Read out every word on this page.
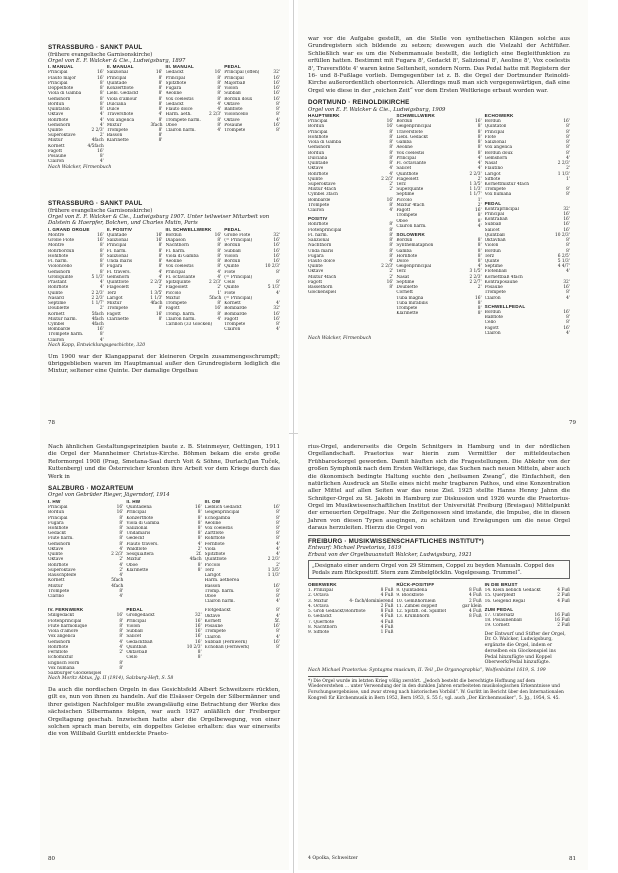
STRASSBURG · SANKT PAUL

(frühere evangelische Garnisonskirche)

Orgel von E. F. Walcker & Cie., Ludwigsburg, 1897

I. MANUAL

Principal	16'
Flauto major	16'
Principal	8'
Doppelflöte	8'
Viola di Gamba	8'
Gemshorn	8'
Bordun	8'
Quintatön	8'
Oktave	4'
Rohrflöte	4'
Gemshorn	4'
Quinte	2 2/3'
Superoktave	2'
Mixtur	4fach
Kornett	4/5fach
Fagott	16'
Posaune	8'
Clairon	4'

II. MANUAL

Salizional	16'
Principal	8'
Quintade	8'
Konzertflöte	8'
Liebl. Gedackt	8'
Viola d'amour	8'
Dulciana	8'
Dulce	8'
Traversflöte	4'
Vox angelica	8'
Mixtur	3fach
Trompete	8'
Basson	8'
Klarinette	8'

III. MANUAL

Gedackt	16'
Principal	8'
Spitzflöte	8'
Fugara	8'
Aeoline	8'
Vox coelestis	8'
Gedackt	4'
Flauto dolce	4'
Harm. aeth.	2 2/3'
Trompete harm.	8'
Oboe	8'
Clairon harm.	4'

PEDAL

Principal (offen)	32'
Principal	16'
Majorbaß	16'
Violon	16'
Subbaß	16'
Bordun doux	16'
Oktave	8'
Baßflöte	8'
Violoncello	8'
Oktave	4'
Posaune	16'
Trompete	8'

Nach Walcker, Firmenbuch

STRASSBURG · SANKT PAUL

(frühere evangelische Garnisonskirche)

Orgel von E. F. Walcker & Cie., Ludwigsburg 1907. Unter teilweiser Mitarbeit von Dalstein & Haerpfer, Bolchen, und Charles Mutin, Paris

I. GRAND ORGUE

Montre	16'
Große Flöte	16'
Montre	8'
Rohrbordun	8'
Hohlflöte	8'
Fl. harm.	8'
Violoncello	8'
Gemshorn	8'
Großquinte	5 1/3'
Prästant	4'
Rohrflöte	4'
Quinte	2 2/3'
Nasard	2 2/3'
Septime	1 1/7'
Doublette	2'
Kornett	5fach
Mixtur harm.	4fach
Cymbel	4fach
Bombarde	16'
Trompete harm.	8'
Clairon	4'

II. POSITIV

Quintade	16'
Salizional	16'
Principal	8'
Fl. harm.	8'
Salizional	8'
Unda maris	8'
Fugara	8'
Fl. travers.	4'
Gemshorn	4'
Quintflöte	2 2/3'
Flageolett	2'
Terz	1 3/5'
Larigot	1 1/3'
Mixtur	4fach
Trompete	8'
Fagott	16'
Clarinette	8'

III. SCHWELLWERK

Bordun	16'
Diapason	8'
Nachthorn	8'
Fl. harm.	8'
Viola di Gamba	8'
Aeoline	8'
Vox coelestis	8'
Principal	4'
Fl. octaviante	4'
Spitzquinte	2 2/3'
Flageolett	2'
Piccolo	1'
Mixtur	5fach
Trompete	8'
Fagott	16'
Tromp. harm.	8'
Clairon harm.	4'
Carillon (33 Glocken)

PEDAL

Große Flöte	32'
(= Principal)	16'
Bordun	16'
Subbaß	16'
Violon	16'
Bordun	16'
Quinte	10 2/3'
Flöte	8'
(= Principal)
Cello	8'
Quinte	5 1/3'
Flöte	4'
(= Principal)
Kornett	4'
Bombarde	32'
Bombarde	16'
Fagott	16'
Trompete	8'
Clairon	4'

Nach Kapp, Entwicklungsgeschichte, 320

Um 1900 war der Klangapparat der kleineren Orgeln zusammengeschrumpft; übriggeblieben waren im Hauptmanual außer den Grundregistern lediglich die Mixtur, seltener eine Quinte. Der damalige Orgelbau

78

war vor die Aufgabe gestellt, an die Stelle von synthetischen Klängen solche aus Grundregistern sich bildende zu setzen; deswegen auch die Vielzahl der Achtfüßer. Schließlich war es um die Nebenmanuale bestellt, die lediglich eine Begleitfunktion zu erfüllen hatten. Bestimmt mit Fugara 8', Gedackt 8', Salizional 8', Aeoline 8', Vox coelestis 8', Traversflöte 4' waren keine Seltenheit, sondern Norm. Das Pedal hatte mit Registern der 16- und 8-Fußlage vorlieb. Demgegenüber ist z. B. die Orgel der Dortmunder Reinoldi-Kirche außerordentlich obertonreich. Allerdings muß man sich vergegenwärtigen, daß eine Orgel wie diese in der „reichen Zeit“ vor dem Ersten Weltkriege erbaut worden war.

DORTMUND · REINOLDIKIRCHE

Orgel von E. F. Walcker & Cie., Ludwigsburg, 1909

HAUPTWERK

Principal	16'
Bordun	16'
Principal	8'
Hohlflöte	8'
Viola di Gamba	8'
Gemshorn	8'
Bordun	8'
Dulciana	8'
Quintade	8'
Oktave	4'
Rohrflöte	4'
Quinte	2 2/3'
Superoktave	2'
Mixtur 4fach	2'
Cymbel 3fach
Bombarde	16'
Trompete	8'
Clairon	4'

POSITIV

Rohrflöte	8'
Flötenprincipal	8'
Fl. harm.	8'
Salizional	8'
Nachthorn	8'
Unda maris	8'
Fugara	8'
Flauto dolce	4'
Quinte	2 2/3'
Oktave	2'
Mixtur 4fach	2'
Fagott	16'
Bassethorn	8'
Glockenspiel

SCHWELLWERK

Bordun	16'
Geigenprincipal	8'
Traversflöte	8'
Liebl. Gedackt	8'
Gamba	8'
Aeoline	8'
Vox coelestis	8'
Principal	4'
Fl. octaviante	4'
Salicet	4'
Quintflöte	2 2/3'
Flageolett	2'
Terz	1 3/5'
Superquinte	1 1/3'
Septime	1 1/7'
Piccolo	1'
Mixtur 4fach	2'
Fagott	16'
Trompete	8'
Oboe	8'
Clairon harm.	4'

SOLOWERK

Bordun	8'
Synthemataphon	8'
Gamba	8'
Hornflöte	8'
Dolce	8'
Geigenprincipal	4'
Terz	3 1/5'
Nasat	2 2/3'
Septime	2 2/7'
Doublette	2'
Cornett
Tuba magna	16'
Tuba mirabilis	8'
Trompete	8'
Klarinette	8'

ECHOWERK

Bordun	16'
Quintatön	8'
Principal	8'
Flöte	8'
Salizional	8'
Vox angelica	8'
Bordun doux	8'
Gemshorn	4'
Nasat	2 2/3'
Flautino	2'
Larigot	1 1/3'
Sifflöte	1'
Kornettmixtur 4fach
Trompete	8'
Vox humana	8'

PEDAL

Kontraprincipal	32'
Principal	16'
Kontrabaß	16'
Subbaß	16'
Salicet	16'
Quintbaß	10 2/3'
Oktavbaß	8'
Violon	8'
Bordun	8'
Terz	6 2/5'
Quinte	5 1/3'
Septime	4 4/7'
Flötenbaß	4'
Kornettbaß 4fach
Kontraposaune	32'
Posaune	16'
Trompete	8'
Clairon	4'

SCHWELLPEDAL

Bordun	16'
Baßflöte	8'
Cello	8'
Fagott	16'
Clairon	4'

Nach Walcker, Firmenbuch

79

Nach ähnlichen Gestaltungsprinzipien baute z. B. Steinmeyer, Oettingen, 1911 die Orgel der Mannheimer Christus-Kirche. Böhmen bekam die erste große Reformorgel 1908 (Prag, Smetana-Saal durch Voit & Söhne, Durlach/Jan Tuček, Kuttenberg) und die Österreicher kronten ihre Arbeit vor dem Kriege durch das Werk in

SALZBURG · MOZARTEUM

Orgel von Gebrüder Rieger, Jägerndorf, 1914

I. HW

Principal	16'
Bordun	16'
Principal	8'
Fugara	8'
Hohlflöte	8'
Gedackt	8'
Flute harm.	8'
Gemshorn	8'
Oktave	4'
Quinte	2 2/3'
Oktave	2'
Rohrflöte	4'
Superoktave	2'
Rauschpfeife	4'
Kornett	5fach
Mixtur	4fach
Trompete	8'
Clarino	4'

II. HW

Quintadena	16'
Principal	8'
Konzertflöte	8'
Viola di Gamba	8'
Salizional	8'
Undamaris	8'
Gedeckt	8'
Flauto travers.	4'
Waldflöte	2'
Sesquialtera	2f.
Mixtur	4fach
Oboe	8'
Klarinette	8'

III. OW

Lieblich Gedackt	16'
Geigenprincipal	8'
Echogamba	8'
Aeoline	8'
Vox coelestis	8'
Zartflöte	8'
Rohrflöte	8'
Fernflöte	4'
Viola	4'
Spitzflöte	4'
Quintflöte	2 2/3'
Piccolo	2'
Terz	1 3/5'
Larigot	1 1/3'
Harm. aetherea
Basson	16'
Tromp. harm.	8'
Oboe	8'
Clairon harm.	4'

IV. FERNWERK

Stillgedackt	16'
Flötenprincipal	8'
Flute harmonique	8'
Viola d'amore	8'
Vox angelica	8'
Gemshorn	4'
Rohrflöte	4'
Fernflöte	2'
Echomixtur
Englisch Horn	8'
Vox humana	8'
Salzburger Glockenspiel

PEDAL

Großgedackt	32'
Principal	16'
Violon	16'
Subbaß	16'
Salicet	16'
Gedacktbaß	16'
Quintbaß	10 2/3'
Oktavbaß	8'
Cello	8'

Flötgedackt	8'
Oktave	4'
Kornett	5f.
Posaune	16'
Trompete	8'
Clairon	4'
Subbaß (Fernwerk)	16'
Echobaß (Fernwerk)	8'

Nach Moritz Abtus, Jg. II (1914), Salzburg-Heft, S. 58

Da auch die nordischen Orgeln in das Gesichtsfeld Albert Schweitzers rückten, gilt es, nun von ihnen zu handeln. Auf die Elsässer Orgeln der Silbermänner und ihrer geistigen Nachfolger mußte zwangsläufig eine Betrachtung der Werke des sächsischen Silbermanns folgen, war auch 1927 anläßlich der Freiberger Orgeltagung geschah. Inzwischen hatte aber die Orgelbewegung, von einer solchen sprach man bereits, ein doppeltes Geleise erhalten: das war einerseits die von Willibald Gurlitt entdeckte Praeto-

80

rius-Orgel, andererseits die Orgeln Schnitgers in Hamburg und in der nördlichen Orgellandschaft. Praetorius war hierin zum Vermittler der mitteldeutschen Frühbarockorgel geworden. Damit häuften sich die Fragestellungen. Die Abkehr von der großen Symphonik nach dem Ersten Weltkriege, das Suchen nach neuen Mitteln, aber auch die ökonomisch bedingte Haltung suchte den „heilsamen Zwang“, die Einfachheit, den natürlichen Ausdruck an Stelle eines nicht mehr tragbaren Pathos, und eine Konzentration aller Mittel auf allen Seiten war das neue Ziel. 1925 stellte Hanns Henny Jahnn die Schnitger-Orgel zu St. Jakobi in Hamburg zur Diskussion und 1926 wurde die Praetorius-Orgel im Musikwissenschaftlichen Institut der Universität Freiburg (Breisgau) Mittelpunkt der erneuerten Orgelfrage. Nur die Zeitgenossen sind imstande, die Impulse, die in diesen Jahren von diesen Typen ausgingen, zu schätzen und Erwägungen um die neue Orgel daraus herzuleiten. Hierzu die Orgel von

FREIBURG · MUSIKWISSENSCHAFTLICHES INSTITUT*)

Entwurf: Michael Praetorius, 1619

Erbaut von der Orgelbauanstalt Walcker, Ludwigsburg, 1921

„Designato einer andern Orgel von 29 Stimmen, Coppel zu beyden Manualn. Coppel des Pedals zum Rückpositiff. Stern zum Zimbelglöcklin. Vogelgesang. Trummel“.

OBERWERK

1. Prinzipal	8 Fuß
2. Octava	4 Fuß
3. Mixtur	4- fach/dominierend
4. Octava	2 Fuß
5. Grob Gedackt/Rohrflöte	8 Fuß
6. Gedackt	4 Fuß
7. Querflöte	4 Fuß
8. Nachthorn	4 Fuß
9. Sifflöte	1 Fuß

RÜCK-POSITIFF

8. Quintadena	8 Fuß
9. Blockflöte	4 Fuß
10. Gemßhörnlein	2 Fuß
11. Zimbel doppelt	gar klein
12. Spitzfl. od. Spillflöt	4 Fuß
13. Krumbhorn	8 Fuß

IN DIE BRUST

14. Klein lieblich Gedackt	4 Fuß
15. Querpfeiff	2 Fuß
16. Geigend Regal	4 Fuß

ZUM PEDAL

17. Untersatz	16 Fuß
18. Posaunenbaß	16 Fuß
19. Cornett	2 Fuß

Der Entwurf und Stifter der Orgel, Dr. O. Walcker, Ludwigsburg, ergänzte die Orgel, indem er derselben ein Glockenspiel ins Pedal hinzufügte und Koppel Oberwerk/Pedal hinzufügte.

Nach Michael Praetorius: Syntagma musicum, II. Teil „De Organographia“, Wolfenbüttel 1619, S. 199

*) Die Orgel wurde im letzten Krieg völlig zerstört. „Jedoch besteht die berechtigte Hoffnung auf dem Wiedererstehen ... unter Verwendung der in den dunklen Jahren erarbeiteten musikologischen Erkenntnisse und Forschungsergebnisse, und zwar streng nach historischen Vorbild“. W. Gurlitt im Bericht über den Internationalen Kongreß für Kirchenmusik in Bern 1952, Bern 1953, S. 55 f.; vgl. auch „Der Kirchenmusiker“, 5. Jg., 1954, S. 45.

4 Opolka, Schweitzer	81
